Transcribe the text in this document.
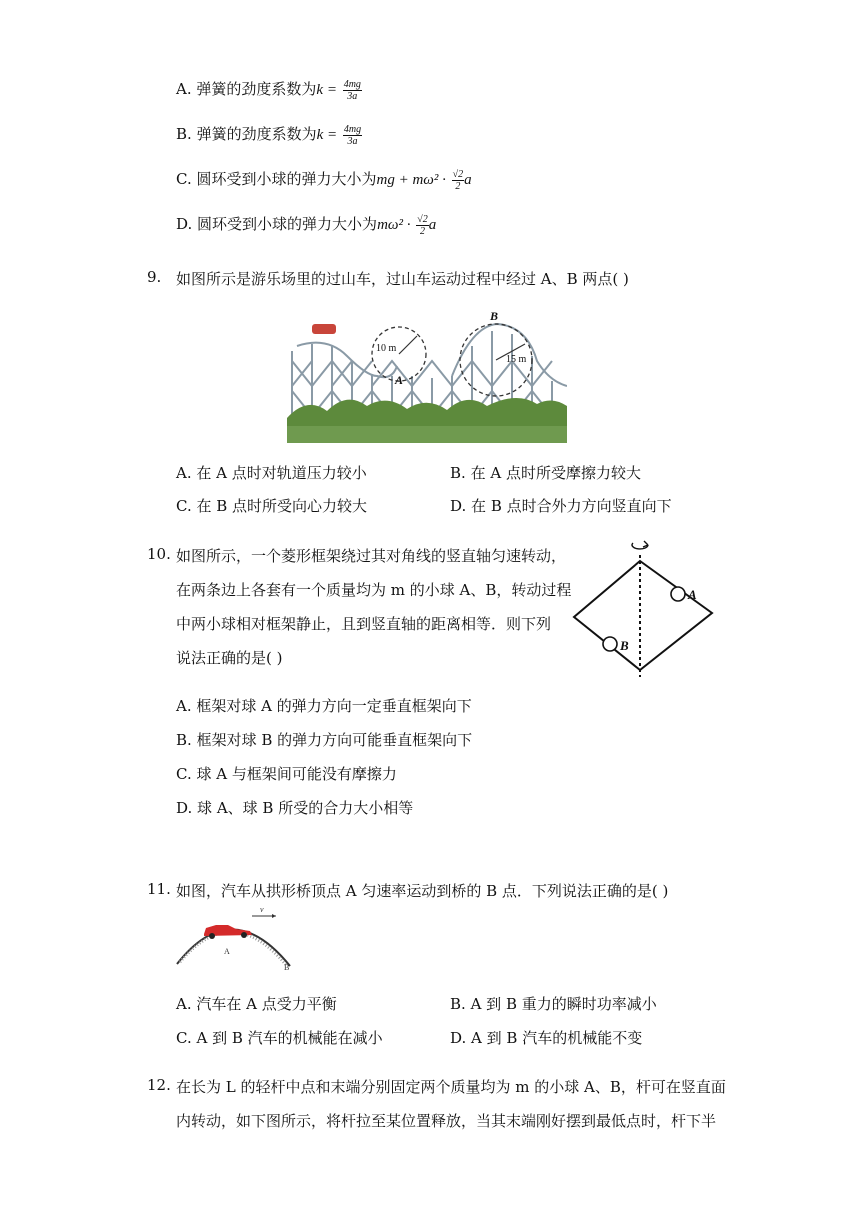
A. 弹簧的劲度系数为$k = \frac{4mg}{3a}$
B. 弹簧的劲度系数为$k = \frac{4mg}{3a}$
C. 圆环受到小球的弹力大小为mg + $m\omega^2 \cdot \frac{√2}{2}$ a
D. 圆环受到小球的弹力大小为$m\omega^2 \cdot \frac{√2}{2}$ a
9. 如图所示是游乐场里的过山车，过山车运动过程中经过 A、B 两点( )
10 m
15 m
A
B
A. 在 A 点时对轨道压力较小	B. 在 A 点时所受摩擦力较大
C. 在 B 点时所受向心力较大	D. 在 B 点时合外力方向竖直向下
10. 如图所示，一个菱形框架绕过其对角线的竖直轴匀速转动，
在两条边上各套有一个质量均为 m 的小球 A、B，转动过程
中两小球相对框架静止，且到竖直轴的距离相等．则下列
说法正确的是( )
A
B
A. 框架对球 A 的弹力方向一定垂直框架向下
B. 框架对球 B 的弹力方向可能垂直框架向下
C. 球 A 与框架间可能没有摩擦力
D. 球 A、球 B 所受的合力大小相等
11. 如图，汽车从拱形桥顶点 A 匀速率运动到桥的 B 点．下列说法正确的是( )
v
A
B
A. 汽车在 A 点受力平衡	B. A 到 B 重力的瞬时功率减小
C. A 到 B 汽车的机械能在减小	D. A 到 B 汽车的机械能不变
12. 在长为 L 的轻杆中点和末端分别固定两个质量均为 m 的小球 A、B，杆可在竖直面
内转动，如下图所示，将杆拉至某位置释放，当其末端刚好摆到最低点时，杆下半
